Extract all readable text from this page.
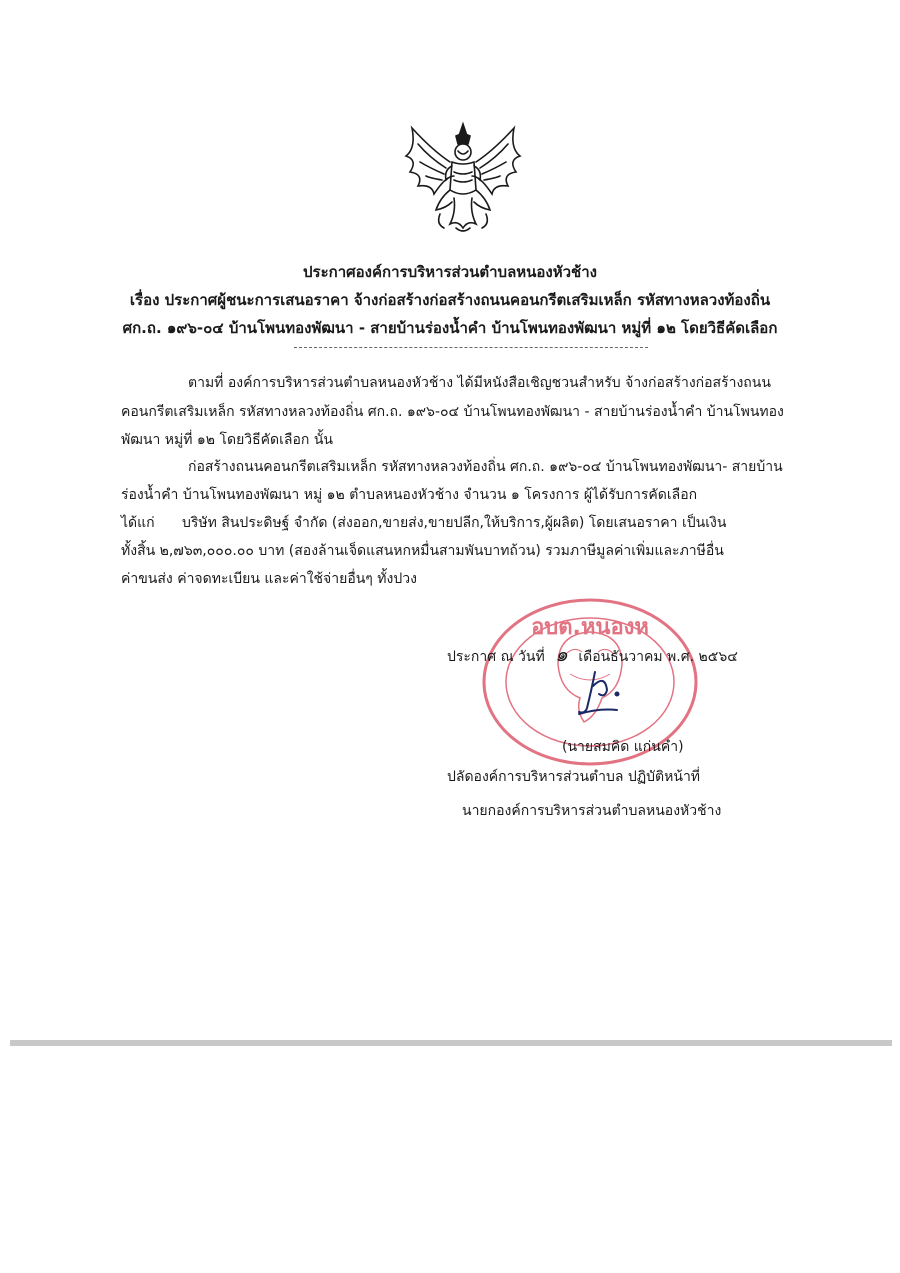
ประกาศองค์การบริหารส่วนตำบลหนองหัวช้าง
เรื่อง ประกาศผู้ชนะการเสนอราคา จ้างก่อสร้างก่อสร้างถนนคอนกรีตเสริมเหล็ก รหัสทางหลวงท้องถิ่น
ศก.ถ. ๑๙๖-๐๔ บ้านโพนทองพัฒนา - สายบ้านร่องน้ำคำ บ้านโพนทองพัฒนา หมู่ที่ ๑๒ โดยวิธีคัดเลือก
ตามที่ องค์การบริหารส่วนตำบลหนองหัวช้าง ได้มีหนังสือเชิญชวนสำหรับ จ้างก่อสร้างก่อสร้างถนน
คอนกรีตเสริมเหล็ก รหัสทางหลวงท้องถิ่น ศก.ถ. ๑๙๖-๐๔ บ้านโพนทองพัฒนา - สายบ้านร่องน้ำคำ บ้านโพนทอง
พัฒนา หมู่ที่ ๑๒ โดยวิธีคัดเลือก นั้น
ก่อสร้างถนนคอนกรีตเสริมเหล็ก รหัสทางหลวงท้องถิ่น ศก.ถ. ๑๙๖-๐๔ บ้านโพนทองพัฒนา- สายบ้าน
ร่องน้ำคำ บ้านโพนทองพัฒนา หมู่ ๑๒ ตำบลหนองหัวช้าง จำนวน ๑ โครงการ ผู้ได้รับการคัดเลือก
ได้แก่ บริษัท สินประดิษฐ์ จำกัด (ส่งออก,ขายส่ง,ขายปลีก,ให้บริการ,ผู้ผลิต) โดยเสนอราคา เป็นเงิน
ทั้งสิ้น ๒,๗๖๓,๐๐๐.๐๐ บาท (สองล้านเจ็ดแสนหกหมื่นสามพันบาทถ้วน) รวมภาษีมูลค่าเพิ่มและภาษีอื่น
ค่าขนส่ง ค่าจดทะเบียน และค่าใช้จ่ายอื่นๆ ทั้งปวง
อบต.หนองห
ประกาศ ณ วันที่ ๑ เดือนธันวาคม พ.ศ. ๒๕๖๔
(นายสมคิด แก่นคำ)
ปลัดองค์การบริหารส่วนตำบล ปฏิบัติหน้าที่
นายกองค์การบริหารส่วนตำบลหนองหัวช้าง
